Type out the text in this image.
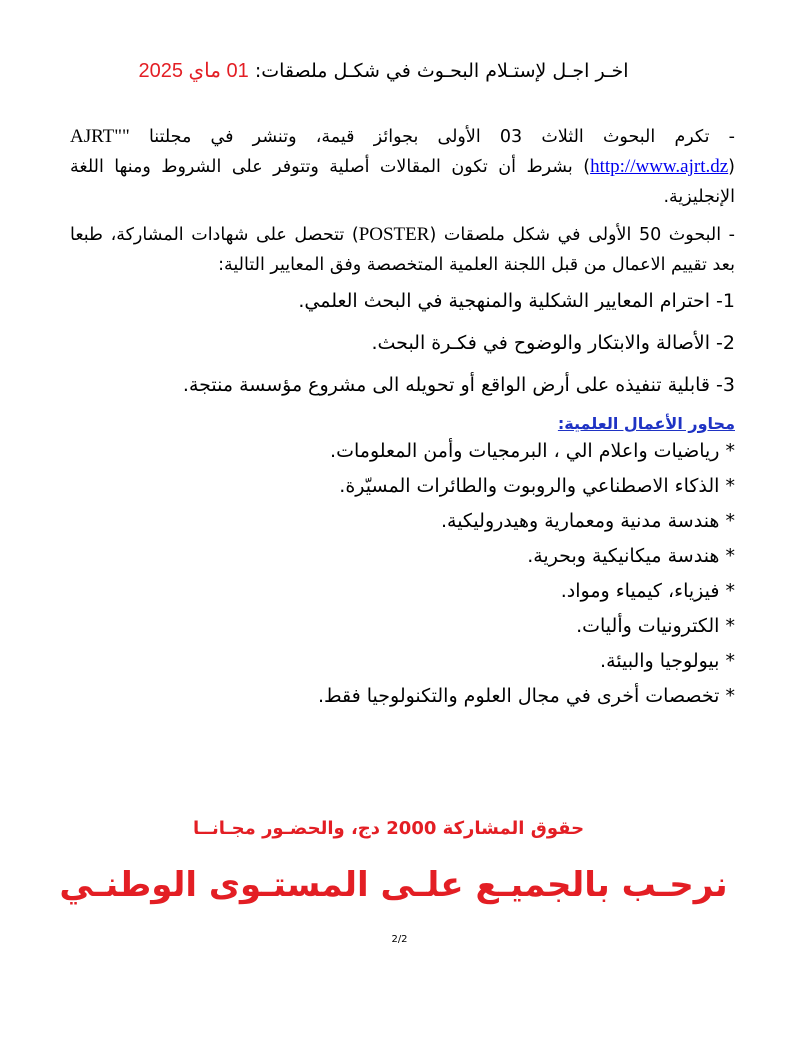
اخـر اجـل لإستـلام البحـوث في شكـل ملصقات: 01 ماي 2025

- تكرم البحوث الثلاث 03 الأولى بجوائز قيمة، وتنشر في مجلتنا "AJRT" (http://www.ajrt.dz) بشرط أن تكون المقالات أصلية وتتوفر على الشروط ومنها اللغة الإنجليزية.

- البحوث 50 الأولى في شكل ملصقات (POSTER) تتحصل على شهادات المشاركة، طبعا بعد تقييم الاعمال من قبل اللجنة العلمية المتخصصة وفق المعايير التالية:

1- احترام المعايير الشكلية والمنهجية في البحث العلمي.

2- الأصالة والابتكار والوضوح في فكـرة البحث.

3- قابلية تنفيذه على أرض الواقع أو تحويله الى مشروع مؤسسة منتجة.

محاور الأعمال العلمية:

* رياضيات واعلام الي ، البرمجيات وأمن المعلومات.

* الذكاء الاصطناعي والروبوت والطائرات المسيّرة.

* هندسة مدنية ومعمارية وهيدروليكية.

* هندسة ميكانيكية وبحرية.

* فيزياء، كيمياء ومواد.

* الكترونيات وأليات.

* بيولوجيا والبيئة.

* تخصصات أخرى في مجال العلوم والتكنولوجيا فقط.

حقوق المشاركة 2000 دج، والحضـور مجـانــا
نرحـب بالجميـع علـى المستـوى الوطنـي
2/2
